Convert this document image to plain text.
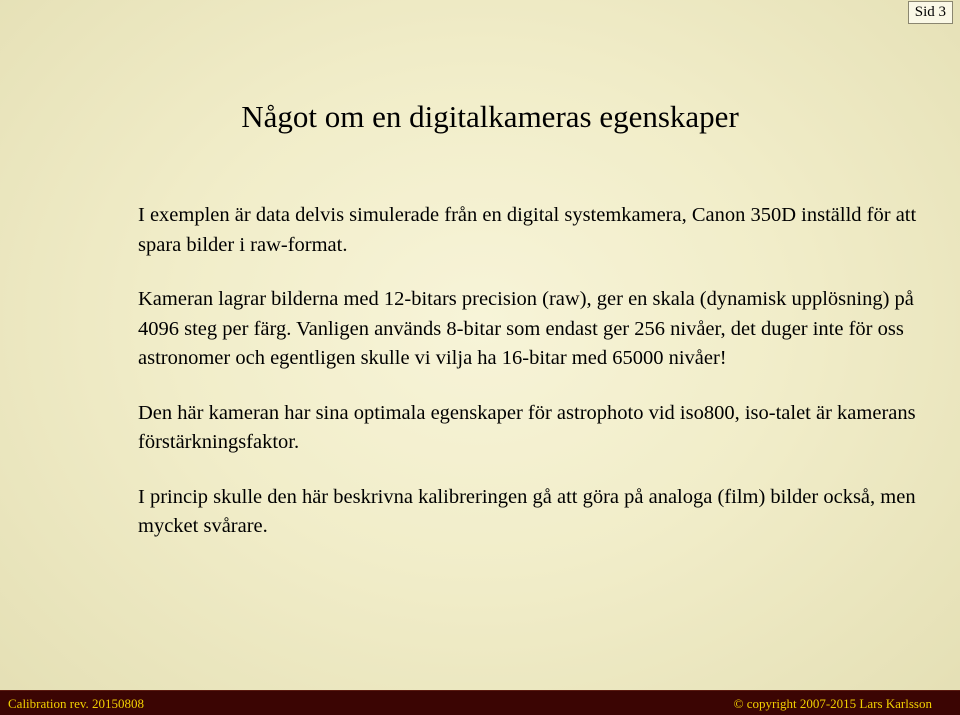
Sid 3
Något om en digitalkameras egenskaper

I exemplen är data delvis simulerade från en digital systemkamera, Canon 350D inställd för att spara bilder i raw-format.

Kameran lagrar bilderna med 12-bitars precision (raw), ger en skala (dynamisk upplösning) på 4096 steg per färg. Vanligen används 8-bitar som endast ger 256 nivåer, det duger inte för oss astronomer och egentligen skulle vi vilja ha 16-bitar med 65000 nivåer!

Den här kameran har sina optimala egenskaper för astrophoto vid iso800, iso-talet är kamerans förstärkningsfaktor.

I princip skulle den här beskrivna kalibreringen gå att göra på analoga (film) bilder också, men mycket svårare.

Calibration rev. 20150808	© copyright 2007-2015 Lars Karlsson
